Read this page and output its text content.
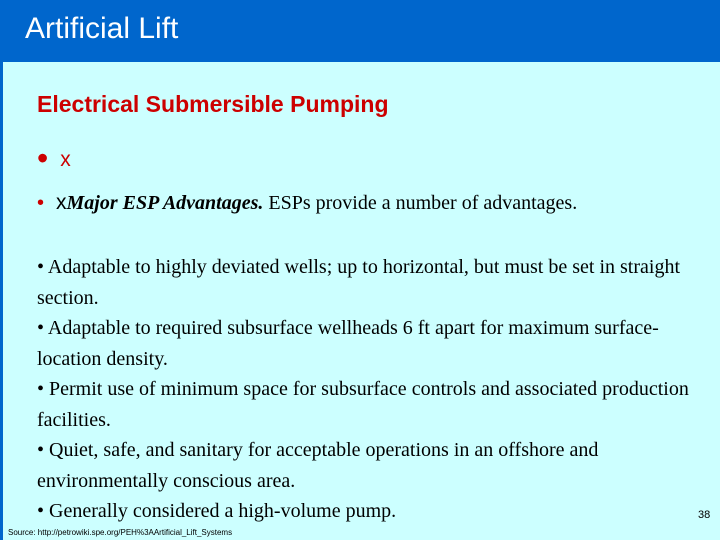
Artificial Lift
Electrical Submersible Pumping
• x
• xMajor ESP Advantages. ESPs provide a number of advantages.

• Adaptable to highly deviated wells; up to horizontal, but must be set in straight section.

• Adaptable to required subsurface wellheads 6 ft apart for maximum surface-location density.

• Permit use of minimum space for subsurface controls and associated production facilities.

• Quiet, safe, and sanitary for acceptable operations in an offshore and environmentally conscious area.

• Generally considered a high-volume pump.	38
Source: http://petrowiki.spe.org/PEH%3AArtificial_Lift_Systems
